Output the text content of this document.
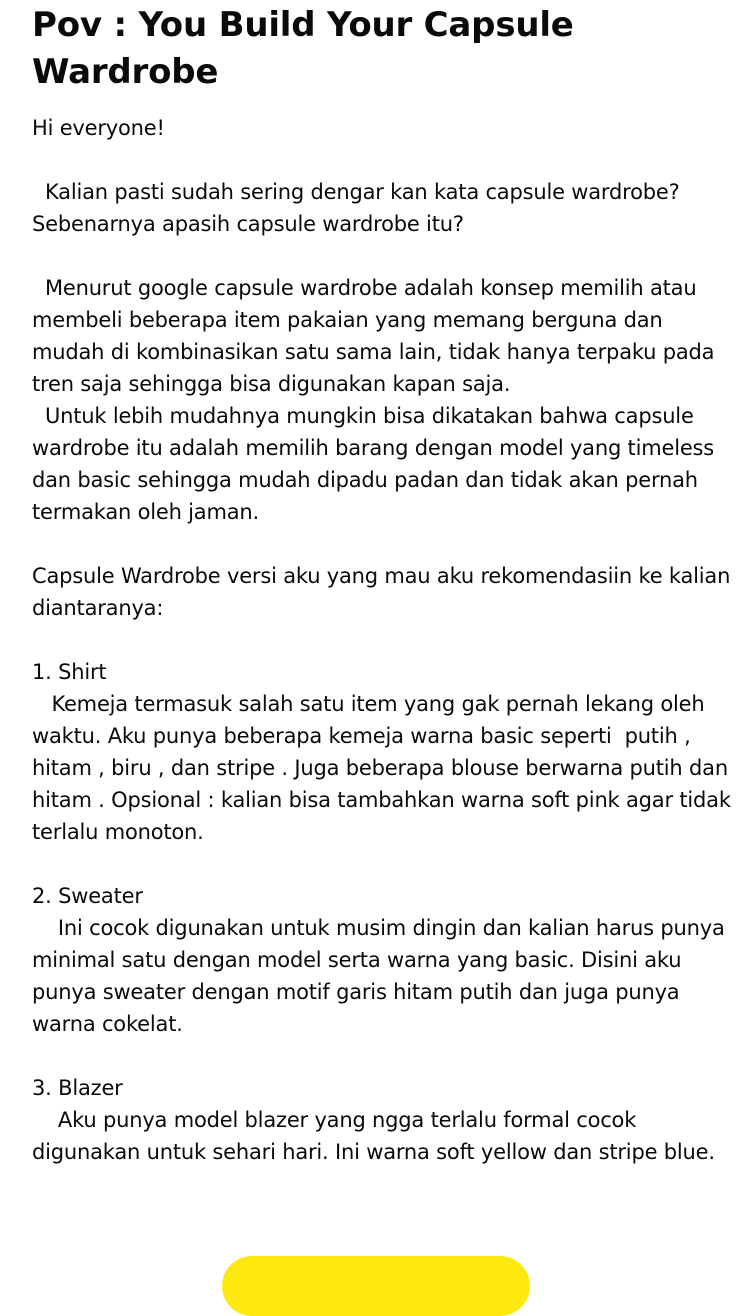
Pov : You Build Your Capsule Wardrobe

Hi everyone!

Kalian pasti sudah sering dengar kan kata capsule wardrobe? Sebenarnya apasih capsule wardrobe itu?

Menurut google capsule wardrobe adalah konsep memilih atau membeli beberapa item pakaian yang memang berguna dan mudah di kombinasikan satu sama lain, tidak hanya terpaku pada tren saja sehingga bisa digunakan kapan saja.

Untuk lebih mudahnya mungkin bisa dikatakan bahwa capsule wardrobe itu adalah memilih barang dengan model yang timeless dan basic sehingga mudah dipadu padan dan tidak akan pernah termakan oleh jaman.

Capsule Wardrobe versi aku yang mau aku rekomendasiin ke kalian diantaranya:

1. Shirt

Kemeja termasuk salah satu item yang gak pernah lekang oleh waktu. Aku punya beberapa kemeja warna basic seperti  putih , hitam , biru , dan stripe . Juga beberapa blouse berwarna putih dan hitam . Opsional : kalian bisa tambahkan warna soft pink agar tidak terlalu monoton.

2. Sweater

Ini cocok digunakan untuk musim dingin dan kalian harus punya minimal satu dengan model serta warna yang basic. Disini aku punya sweater dengan motif garis hitam putih dan juga punya warna cokelat.

3. Blazer

Aku punya model blazer yang ngga terlalu formal cocok digunakan untuk sehari hari. Ini warna soft yellow dan stripe blue.
